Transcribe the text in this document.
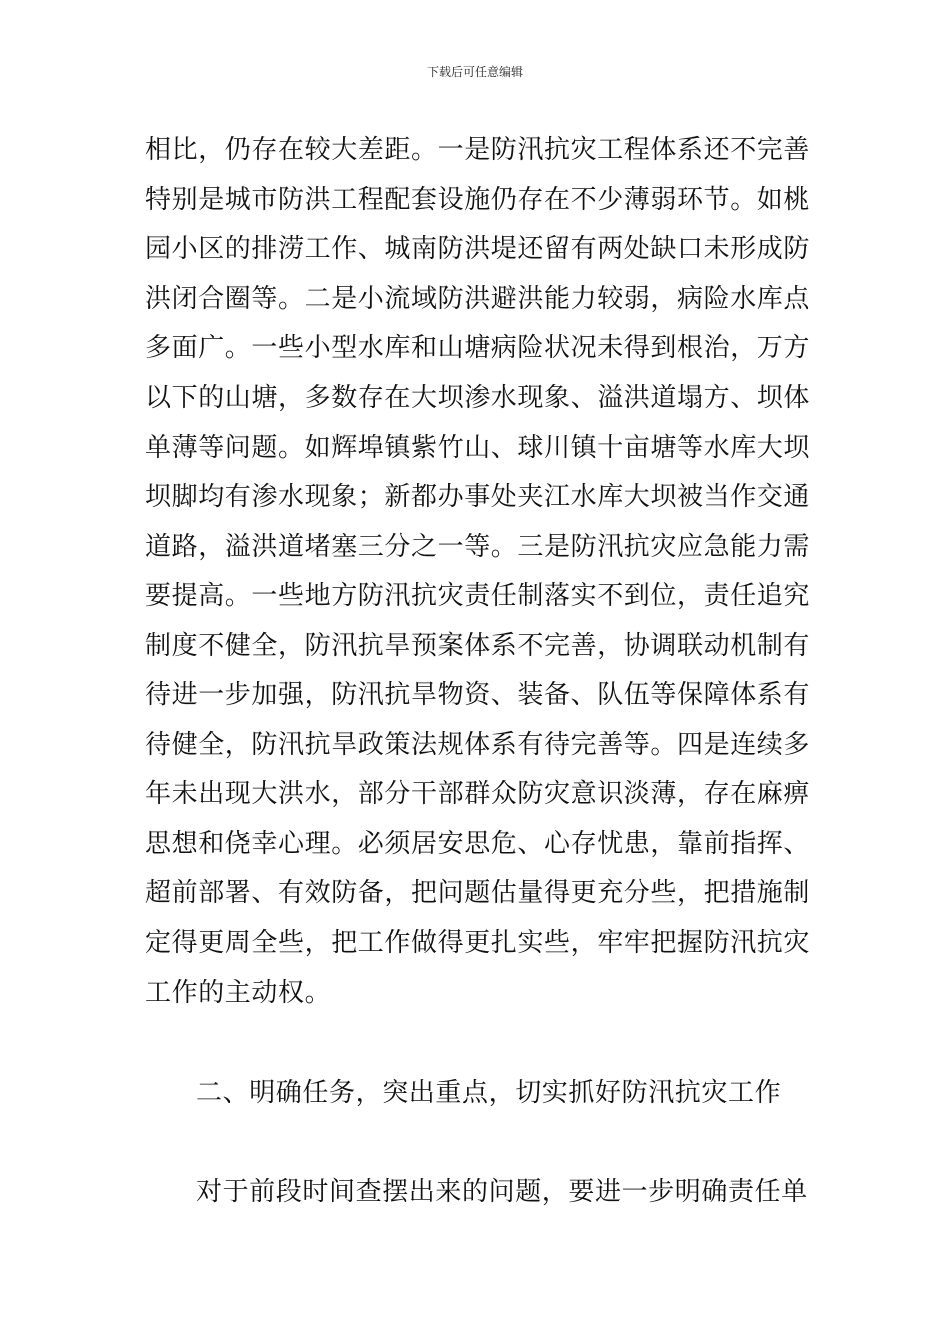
下载后可任意编辑
相比，仍存在较大差距。一是防汛抗灾工程体系还不完善
特别是城市防洪工程配套设施仍存在不少薄弱环节。如桃
园小区的排涝工作、城南防洪堤还留有两处缺口未形成防
洪闭合圈等。二是小流域防洪避洪能力较弱，病险水库点
多面广。一些小型水库和山塘病险状况未得到根治，万方
以下的山塘，多数存在大坝渗水现象、溢洪道塌方、坝体
单薄等问题。如辉埠镇紫竹山、球川镇十亩塘等水库大坝
坝脚均有渗水现象；新都办事处夹江水库大坝被当作交通
道路，溢洪道堵塞三分之一等。三是防汛抗灾应急能力需
要提高。一些地方防汛抗灾责任制落实不到位，责任追究
制度不健全，防汛抗旱预案体系不完善，协调联动机制有
待进一步加强，防汛抗旱物资、装备、队伍等保障体系有
待健全，防汛抗旱政策法规体系有待完善等。四是连续多
年未出现大洪水，部分干部群众防灾意识淡薄，存在麻痹
思想和侥幸心理。必须居安思危、心存忧患，靠前指挥、
超前部署、有效防备，把问题估量得更充分些，把措施制
定得更周全些，把工作做得更扎实些，牢牢把握防汛抗灾
工作的主动权。
二、明确任务，突出重点，切实抓好防汛抗灾工作
对于前段时间查摆出来的问题，要进一步明确责任单
